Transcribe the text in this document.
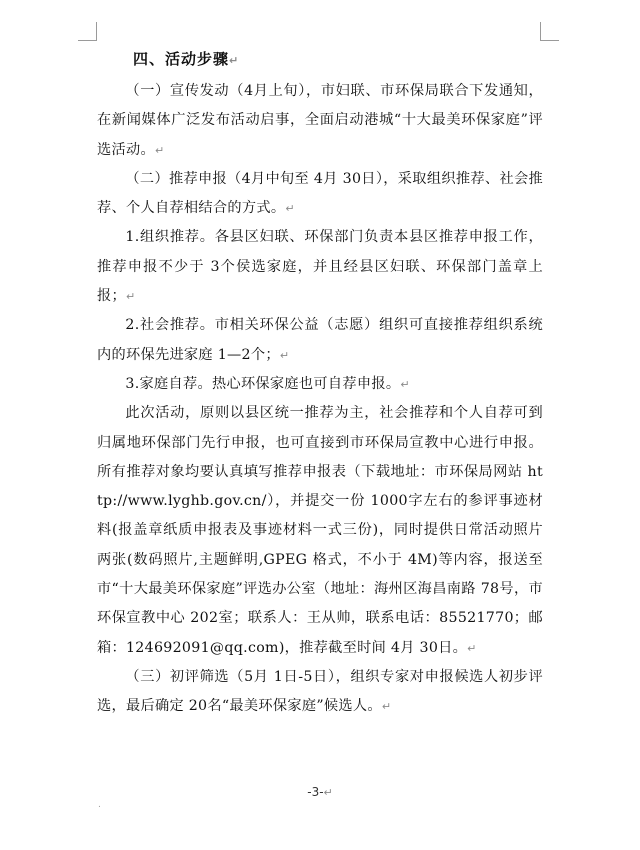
四、活动步骤↵

（一）宣传发动（4月上旬），市妇联、市环保局联合下发通知，在新闻媒体广泛发布活动启事，全面启动港城“十大最美环保家庭”评选活动。↵

（二）推荐申报（4月中旬至 4月 30日），采取组织推荐、社会推荐、个人自荐相结合的方式。↵

1.组织推荐。各县区妇联、环保部门负责本县区推荐申报工作，推荐申报不少于 3个侯选家庭，并且经县区妇联、环保部门盖章上报；↵

2.社会推荐。市相关环保公益（志愿）组织可直接推荐组织系统内的环保先进家庭 1—2个；↵

3.家庭自荐。热心环保家庭也可自荐申报。↵

此次活动，原则以县区统一推荐为主，社会推荐和个人自荐可到归属地环保部门先行申报，也可直接到市环保局宣教中心进行申报。所有推荐对象均要认真填写推荐申报表（下载地址：市环保局网站 http://www.lyghb.gov.cn/），并提交一份 1000字左右的参评事迹材料(报盖章纸质申报表及事迹材料一式三份)，同时提供日常活动照片两张(数码照片,主题鲜明,GPEG 格式，不小于 4M)等内容，报送至市“十大最美环保家庭”评选办公室（地址：海州区海昌南路 78号，市环保宣教中心 202室；联系人：王从帅，联系电话：85521770；邮箱：124692091@qq.com)，推荐截至时间 4月 30日。↵

（三）初评筛选（5月 1日-5日），组织专家对申报候选人初步评选，最后确定 20名“最美环保家庭”候选人。↵

-3-↵
.
